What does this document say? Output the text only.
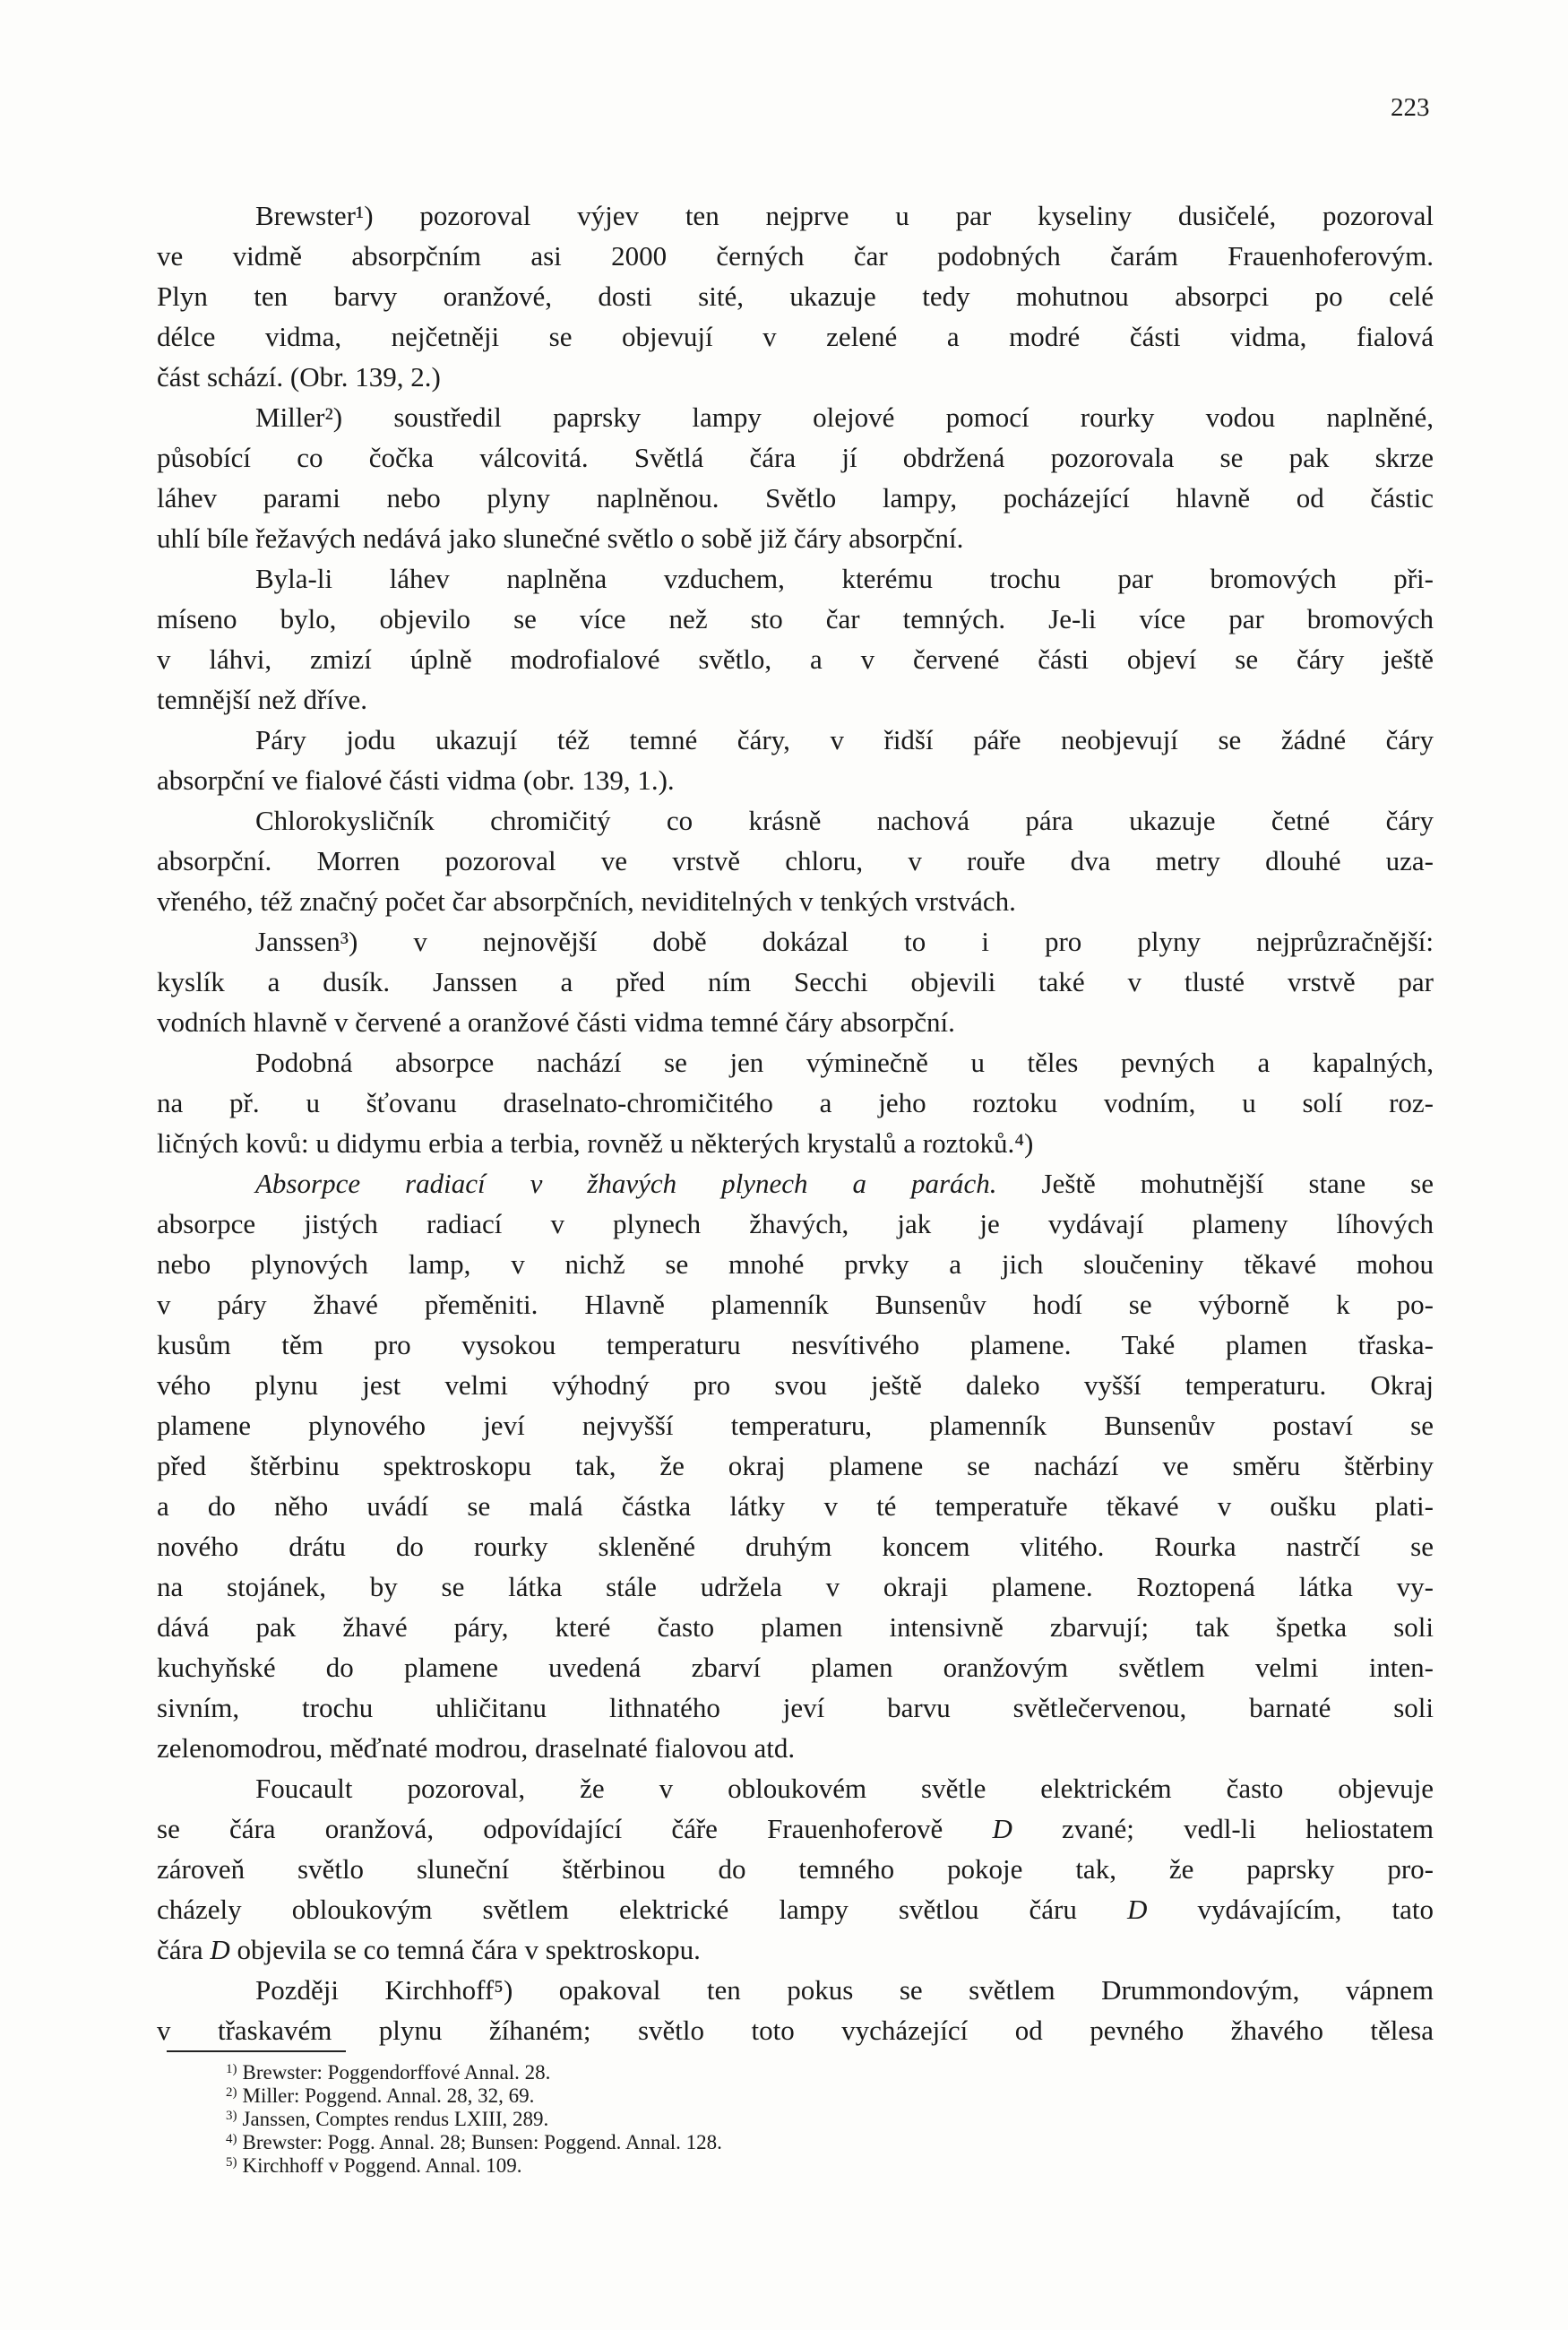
223
Brewster¹) pozoroval výjev ten nejprve u par kyseliny dusičelé, pozoroval
ve vidmě absorpčním asi 2000 černých čar podobných čarám Frauenhoferovým.
Plyn ten barvy oranžové, dosti sité, ukazuje tedy mohutnou absorpci po celé
délce vidma, nejčetněji se objevují v zelené a modré části vidma, fialová
část schází. (Obr. 139, 2.)
Miller²) soustředil paprsky lampy olejové pomocí rourky vodou naplněné,
působící co čočka válcovitá. Světlá čára jí obdržená pozorovala se pak skrze
láhev parami nebo plyny naplněnou. Světlo lampy, pocházející hlavně od částic
uhlí bíle řežavých nedává jako slunečné světlo o sobě již čáry absorpční.
Byla-li láhev naplněna vzduchem, kterému trochu par bromových při-
míseno bylo, objevilo se více než sto čar temných. Je-li více par bromových
v láhvi, zmizí úplně modrofialové světlo, a v červené části objeví se čáry ještě
temnější než dříve.
Páry jodu ukazují též temné čáry, v řidší páře neobjevují se žádné čáry
absorpční ve fialové části vidma (obr. 139, 1.).
Chlorokysličník chromičitý co krásně nachová pára ukazuje četné čáry
absorpční. Morren pozoroval ve vrstvě chloru, v rouře dva metry dlouhé uza-
vřeného, též značný počet čar absorpčních, neviditelných v tenkých vrstvách.
Janssen³) v nejnovější době dokázal to i pro plyny nejprůzračnější:
kyslík a dusík. Janssen a před ním Secchi objevili také v tlusté vrstvě par
vodních hlavně v červené a oranžové části vidma temné čáry absorpční.
Podobná absorpce nachází se jen výminečně u těles pevných a kapalných,
na př. u šťovanu draselnato-chromičitého a jeho roztoku vodním, u solí roz-
ličných kovů: u didymu erbia a terbia, rovněž u některých krystalů a roztoků.⁴)
Absorpce radiací v žhavých plynech a parách. Ještě mohutnější stane se
absorpce jistých radiací v plynech žhavých, jak je vydávají plameny líhových
nebo plynových lamp, v nichž se mnohé prvky a jich sloučeniny těkavé mohou
v páry žhavé přeměniti. Hlavně plamenník Bunsenův hodí se výborně k po-
kusům těm pro vysokou temperaturu nesvítivého plamene. Také plamen třaska-
vého plynu jest velmi výhodný pro svou ještě daleko vyšší temperaturu. Okraj
plamene plynového jeví nejvyšší temperaturu, plamenník Bunsenův postaví se
před štěrbinu spektroskopu tak, že okraj plamene se nachází ve směru štěrbiny
a do něho uvádí se malá částka látky v té temperatuře těkavé v oušku plati-
nového drátu do rourky skleněné druhým koncem vlitého. Rourka nastrčí se
na stojánek, by se látka stále udržela v okraji plamene. Roztopená látka vy-
dává pak žhavé páry, které často plamen intensivně zbarvují; tak špetka soli
kuchyňské do plamene uvedená zbarví plamen oranžovým světlem velmi inten-
sivním, trochu uhličitanu lithnatého jeví barvu světlečervenou, barnaté soli
zelenomodrou, měďnaté modrou, draselnaté fialovou atd.
Foucault pozoroval, že v obloukovém světle elektrickém často objevuje
se čára oranžová, odpovídající čáře Frauenhoferově D zvané; vedl-li heliostatem
zároveň světlo sluneční štěrbinou do temného pokoje tak, že paprsky pro-
cházely obloukovým světlem elektrické lampy světlou čáru D vydávajícím, tato
čára D objevila se co temná čára v spektroskopu.
Později Kirchhoff⁵) opakoval ten pokus se světlem Drummondovým, vápnem
v třaskavém plynu žíhaném; světlo toto vycházející od pevného žhavého tělesa
$^{1)}$ Brewster: Poggendorffové Annal. 28.
$^{2)}$ Miller: Poggend. Annal. 28, 32, 69.
$^{3)}$ Janssen, Comptes rendus LXIII, 289.
$^{4)}$ Brewster: Pogg. Annal. 28; Bunsen: Poggend. Annal. 128.
$^{5)}$ Kirchhoff v Poggend. Annal. 109.
